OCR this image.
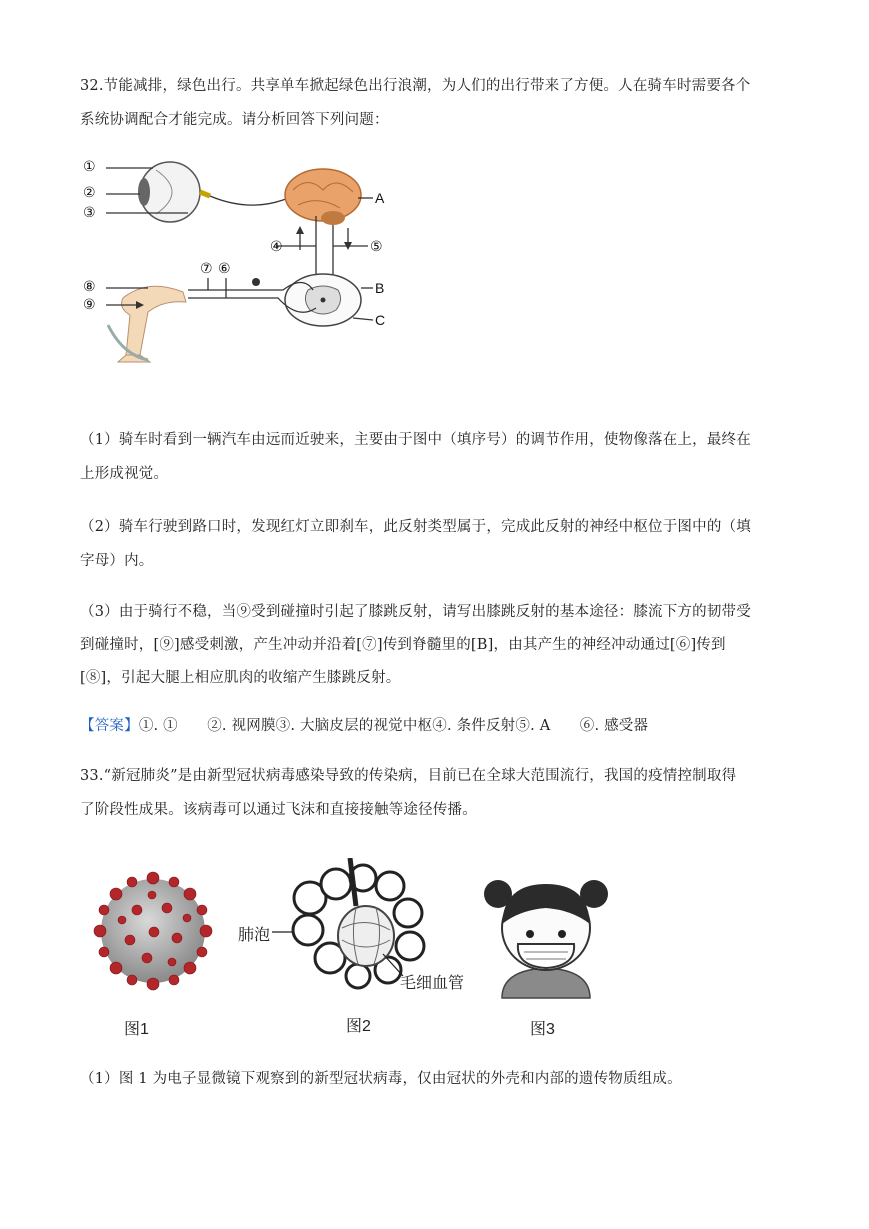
32.节能减排，绿色出行。共享单车掀起绿色出行浪潮，为人们的出行带来了方便。人在骑车时需要各个

系统协调配合才能完成。请分析回答下列问题：

①
②
③
④	⑤
⑥
⑦
⑧
⑨
A
B
C

（1）骑车时看到一辆汽车由远而近驶来，主要由于图中（填序号）的调节作用，使物像落在上，最终在

上形成视觉。

（2）骑车行驶到路口时，发现红灯立即刹车，此反射类型属于，完成此反射的神经中枢位于图中的（填

字母）内。

（3）由于骑行不稳，当⑨受到碰撞时引起了膝跳反射，请写出膝跳反射的基本途径：膝流下方的韧带受

到碰撞时，[⑨]感受刺激，产生冲动并沿着[⑦]传到脊髓里的[B]，由其产生的神经冲动通过[⑥]传到

[⑧]，引起大腿上相应肌肉的收缩产生膝跳反射。

【答案】①. ①　　②. 视网膜③. 大脑皮层的视觉中枢④. 条件反射⑤. A　　⑥. 感受器

33.“新冠肺炎”是由新型冠状病毒感染导致的传染病，目前已在全球大范围流行，我国的疫情控制取得

了阶段性成果。该病毒可以通过飞沫和直接接触等途径传播。

肺泡
毛细血管
图1	图2	图3

（1）图 1 为电子显微镜下观察到的新型冠状病毒，仅由冠状的外壳和内部的遗传物质组成。
